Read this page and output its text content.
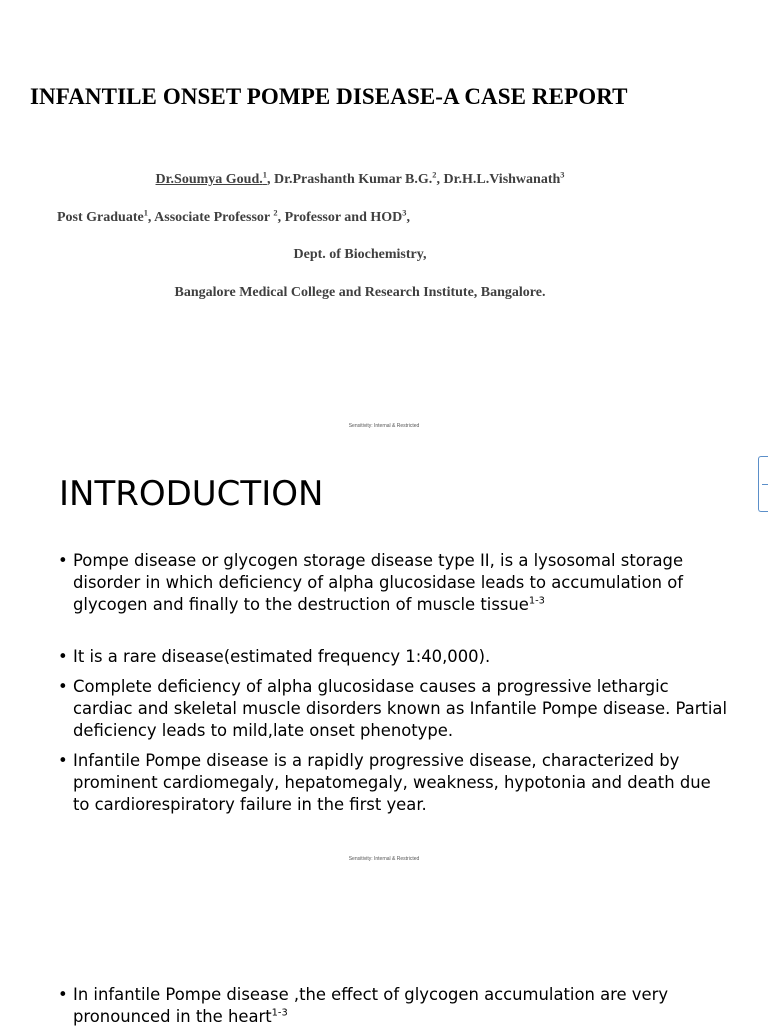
INFANTILE ONSET POMPE DISEASE-A CASE REPORT
Dr.Soumya Goud.$^1$, Dr.Prashanth Kumar B.G.$^2$, Dr.H.L.Vishwanath$^3$
Post Graduate$^1$, Associate Professor $^2$, Professor and HOD$^3$,
Dept. of Biochemistry,
Bangalore Medical College and Research Institute, Bangalore.
Sensitivity: Internal & Restricted
INTRODUCTION
• Pompe disease or glycogen storage disease type II, is a lysosomal storage disorder in which deficiency of alpha glucosidase leads to accumulation of glycogen and finally to the destruction of muscle tissue$^{1-3}$
• It is a rare disease(estimated frequency 1:40,000).
• Complete deficiency of alpha glucosidase causes a progressive lethargic cardiac and skeletal muscle disorders known as Infantile Pompe disease. Partial deficiency leads to mild,late onset phenotype.
• Infantile Pompe disease is a rapidly progressive disease, characterized by prominent cardiomegaly, hepatomegaly, weakness, hypotonia and death due to cardiorespiratory failure in the first year.
Sensitivity: Internal & Restricted
• In infantile Pompe disease ,the effect of glycogen accumulation are very pronounced in the heart$^{1-3}$
